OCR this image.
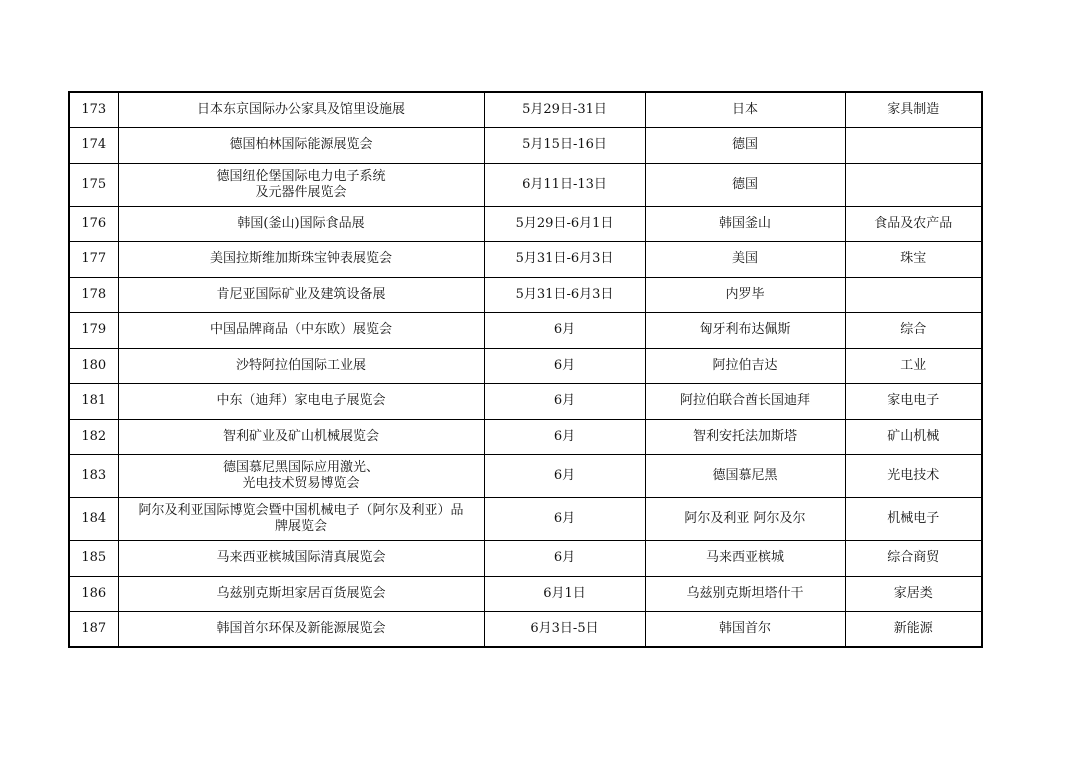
173	日本东京国际办公家具及馆里设施展	5月29日-31日	日本	家具制造
174	德国柏林国际能源展览会	5月15日-16日	德国	
175	德国纽伦堡国际电力电子系统
及元器件展览会	6月11日-13日	德国	
176	韩国(釜山)国际食品展	5月29日-6月1日	韩国釜山	食品及农产品
177	美国拉斯维加斯珠宝钟表展览会	5月31日-6月3日	美国	珠宝
178	肯尼亚国际矿业及建筑设备展	5月31日-6月3日	内罗毕	
179	中国品牌商品（中东欧）展览会	6月	匈牙利布达佩斯	综合
180	沙特阿拉伯国际工业展	6月	阿拉伯吉达	工业
181	中东（迪拜）家电电子展览会	6月	阿拉伯联合酋长国迪拜	家电电子
182	智利矿业及矿山机械展览会	6月	智利安托法加斯塔	矿山机械
183	德国慕尼黑国际应用激光、
光电技术贸易博览会	6月	德国慕尼黑	光电技术
184	阿尔及利亚国际博览会暨中国机械电子（阿尔及利亚）品
牌展览会	6月	阿尔及利亚 阿尔及尔	机械电子
185	马来西亚槟城国际清真展览会	6月	马来西亚槟城	综合商贸
186	乌兹别克斯坦家居百货展览会	6月1日	乌兹别克斯坦塔什干	家居类
187	韩国首尔环保及新能源展览会	6月3日-5日	韩国首尔	新能源
